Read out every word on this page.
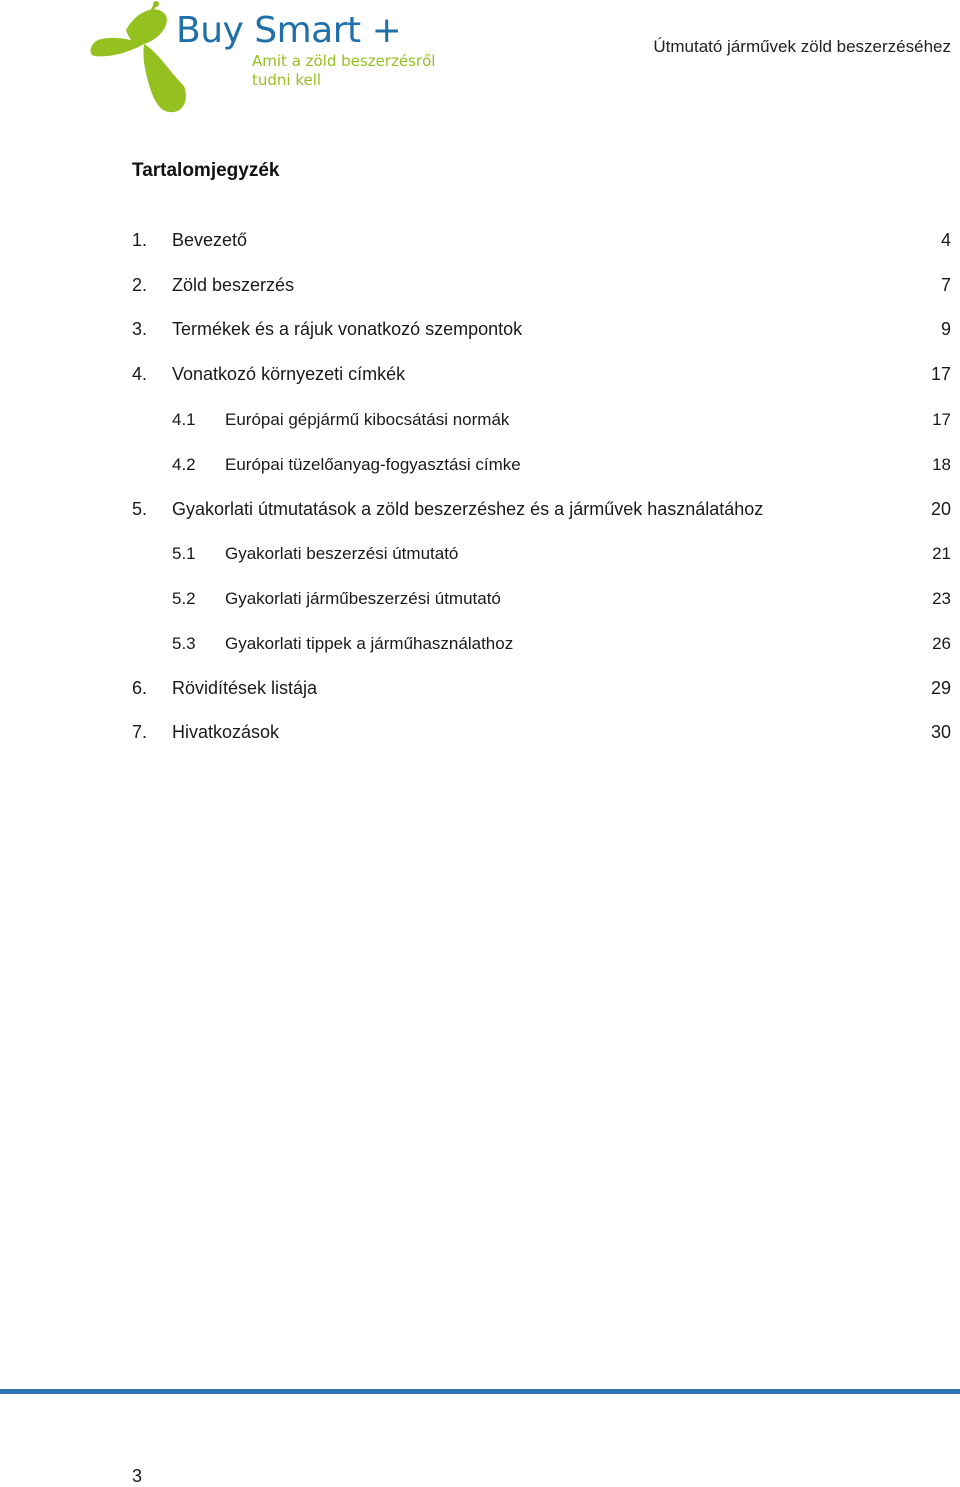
Buy Smart +
Amit a zöld beszerzésről
tudni kell
Útmutató járművek zöld beszerzéséhez
Tartalomjegyzék
1. Bevezető	4
2. Zöld beszerzés	7
3. Termékek és a rájuk vonatkozó szempontok	9
4. Vonatkozó környezeti címkék	17
4.1 Európai gépjármű kibocsátási normák	17
4.2 Európai tüzelőanyag-fogyasztási címke	18
5. Gyakorlati útmutatások a zöld beszerzéshez és a járművek használatához	20
5.1 Gyakorlati beszerzési útmutató	21
5.2 Gyakorlati járműbeszerzési útmutató	23
5.3 Gyakorlati tippek a járműhasználathoz	26
6. Rövidítések listája	29
7. Hivatkozások	30
3
